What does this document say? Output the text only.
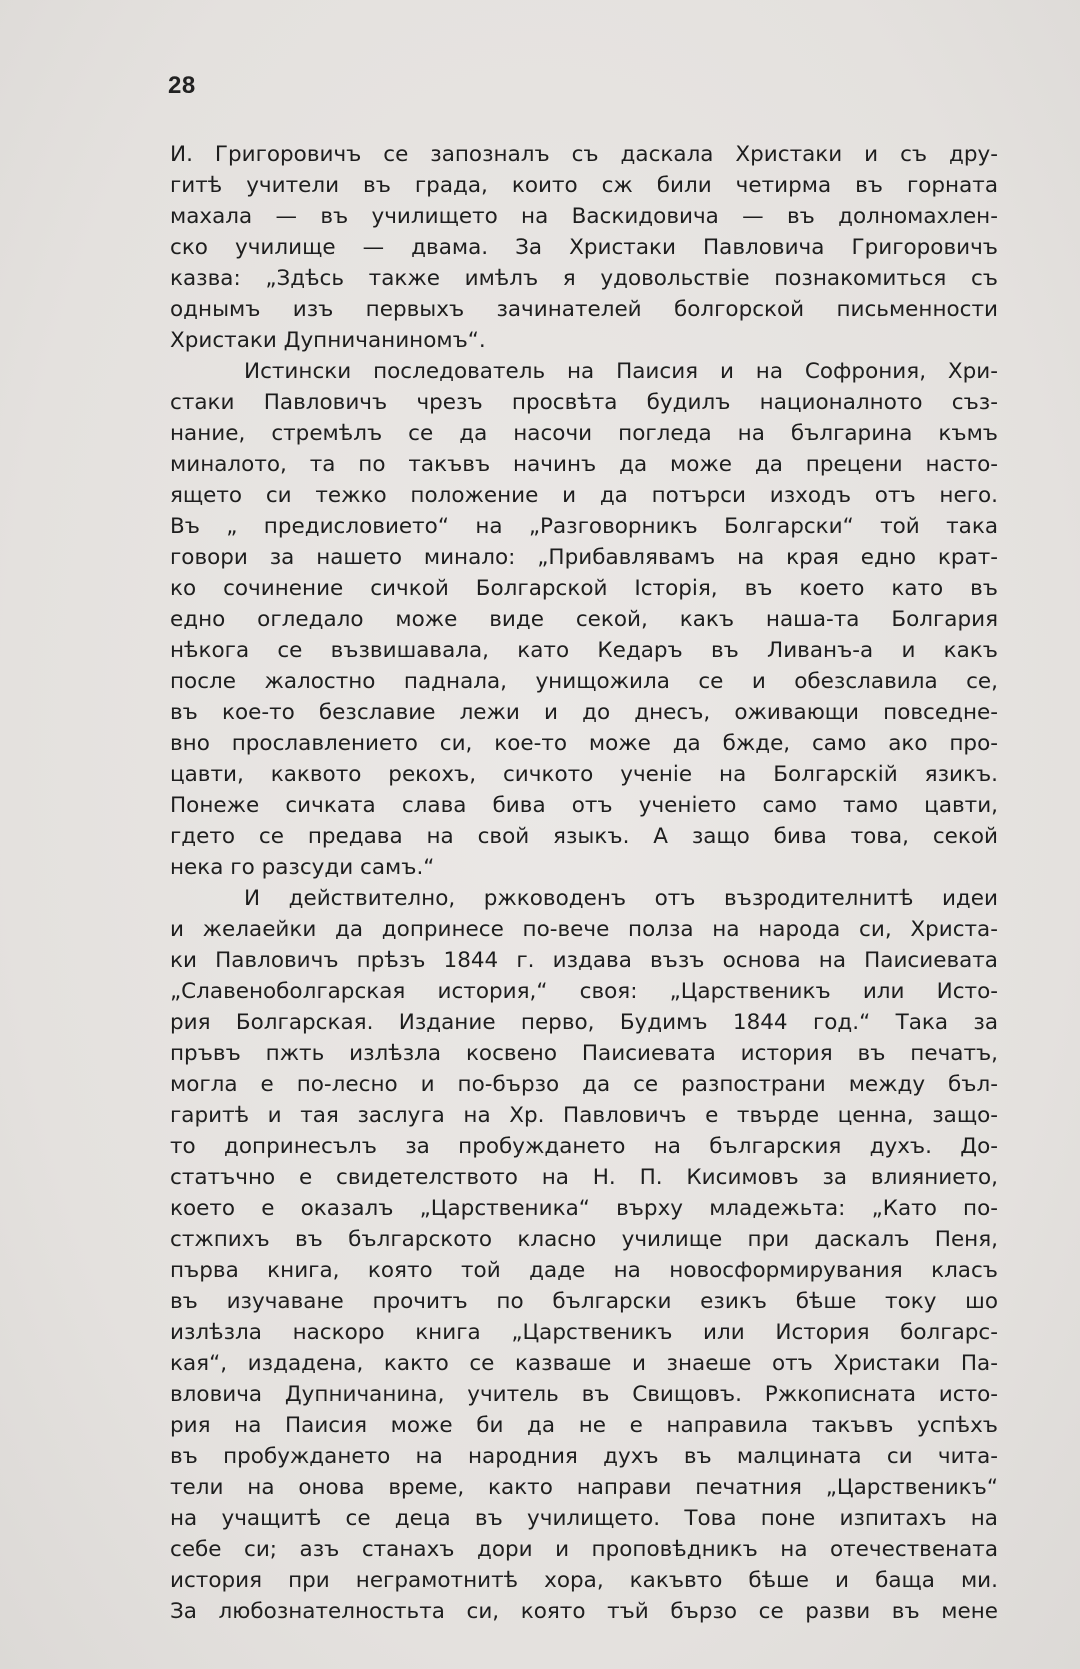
28
И. Григоровичъ се запозналъ съ даскала Христаки и съ дру-
гитѣ учители въ града, които сж били четирма въ горната
махала — въ училището на Васкидовича — въ долномахлен-
ско училище — двама. За Христаки Павловича Григоровичъ
казва: „Здѣсь также имѣлъ я удовольствіе познакомиться съ
однымъ изъ первыхъ зачинателей болгорской письменности
Христаки Дупничаниномъ“.
Истински последователь на Паисия и на Софрония, Хри-
стаки Павловичъ чрезъ просвѣта будилъ националното съз-
нание, стремѣлъ се да насочи погледа на българина къмъ
миналото, та по такъвъ начинъ да може да прецени насто-
ящето си тежко положение и да потърси изходъ отъ него.
Въ „ предисловието“ на „Разговорникъ Болгарски“ той така
говори за нашето минало: „Прибавлявамъ на края едно крат-
ко сочинение сичкой Болгарской Історія, въ което като въ
едно огледало може виде секой, какъ наша-та Болгария
нѣкога се възвишавала, като Кедаръ въ Ливанъ-а и какъ
после жалостно паднала, унищожила се и обезславила се,
въ кое-то безславие лежи и до днесъ, оживающи повседне-
вно прославлението си, кое-то може да бжде, само ако про-
цавти, каквото рекохъ, сичкото ученіе на Болгарскій язикъ.
Понеже сичката слава бива отъ ученіето само тамо цавти,
гдето се предава на свой языкъ. А защо бива това, секой
нека го разсуди самъ.“
И действително, ржководенъ отъ възродителнитѣ идеи
и желаейки да допринесе по-вече полза на народа си, Христа-
ки Павловичъ прѣзъ 1844 г. издава възъ основа на Паисиевата
„Славеноболгарская история,“ своя: „Царственикъ или Исто-
рия Болгарская. Издание перво, Будимъ 1844 год.“ Така за
пръвъ пжть излѣзла косвено Паисиевата история въ печатъ,
могла е по-лесно и по-бързо да се разпострани между бъл-
гаритѣ и тая заслуга на Хр. Павловичъ е твърде ценна, защо-
то допринесълъ за пробуждането на българския духъ. До-
статъчно е свидетелството на Н. П. Кисимовъ за влиянието,
което е оказалъ „Царственика“ върху младежьта: „Като по-
стжпихъ въ българското класно училище при даскалъ Пеня,
първа книга, която той даде на новосформирувания класъ
въ изучаване прочитъ по български езикъ бѣше току шо
излѣзла наскоро книга „Царственикъ или История болгарс-
кая“, издадена, както се казваше и знаеше отъ Христаки Па-
вловича Дупничанина, учитель въ Свищовъ. Ржкописната исто-
рия на Паисия може би да не е направила такъвъ успѣхъ
въ пробуждането на народния духъ въ малцината си чита-
тели на онова време, както направи печатния „Царственикъ“
на учащитѣ се деца въ училището. Това поне изпитахъ на
себе си; азъ станахъ дори и проповѣдникъ на отечествената
история при неграмотнитѣ хора, какъвто бѣше и баща ми.
За любознателностьта си, която тъй бързо се разви въ мене
